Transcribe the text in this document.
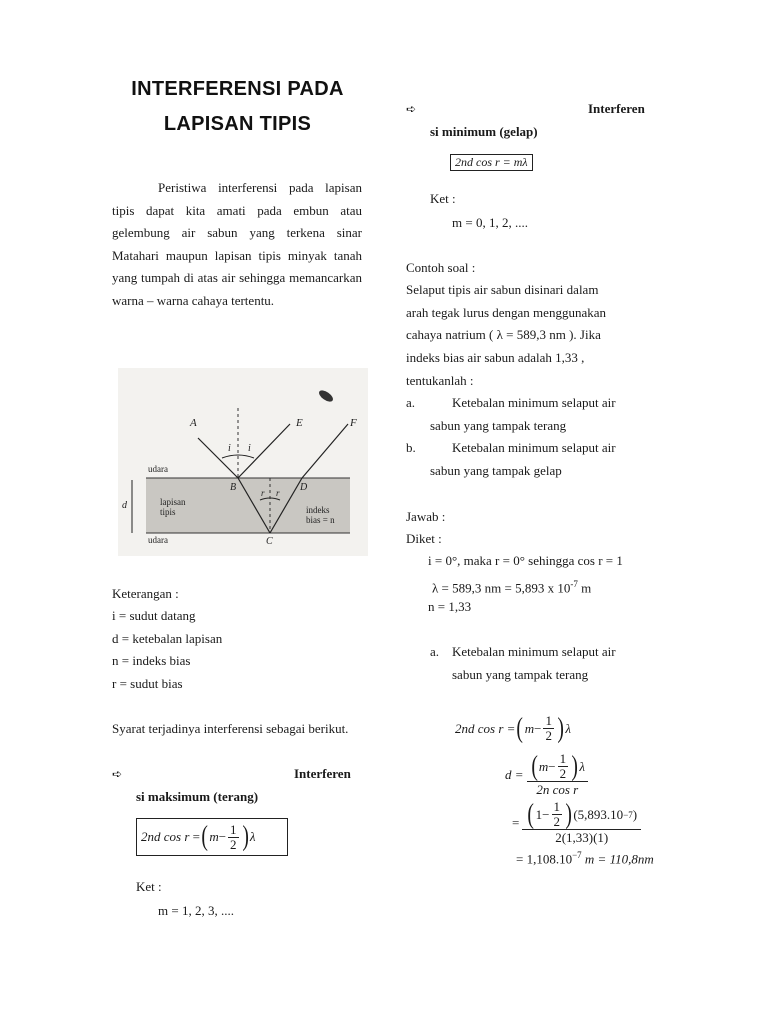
INTERFERENSI PADA
LAPISAN TIPIS
Peristiwa interferensi pada lapisan tipis dapat kita amati pada embun atau gelembung air sabun yang terkena sinar Matahari maupun lapisan tipis minyak tanah yang tumpah di atas air sehingga memancarkan warna – warna cahaya tertentu.
A	E	F
i i
udara
B	D
r r
d	lapisan
tipis	indeks
bias = n
udara	C
Keterangan :
i = sudut datang
d = ketebalan lapisan
n = indeks bias
r = sudut bias
Syarat terjadinya interferensi sebagai berikut.
➪	Interferen
si maksimum (terang)
2nd cos r
= ( $m - \frac{1}{2}$ ) λ
Ket :
m = 1, 2, 3, ....
➪	Interferen
si minimum (gelap)
2nd cos r = mλ
Ket :
m = 0, 1, 2, ....
Contoh soal :
Selaput tipis air sabun disinari dalam
arah tegak lurus dengan menggunakan
cahaya natrium ( λ = 589,3 nm ). Jika
indeks bias air sabun adalah 1,33 ,
tentukanlah :
a.	Ketebalan minimum selaput air
sabun yang tampak terang
b.	Ketebalan minimum selaput air
sabun yang tampak gelap
Jawab :
Diket :
i = 0°, maka r = 0° sehingga cos r = 1
λ = 589,3 nm = 5,893 x $10^{-7}$ m
n = 1,33
a. Ketebalan minimum selaput air
sabun yang tampak terang
2nd cos r = ( $m - \frac{1}{2}$ ) λ
$d = \frac{( m - \frac{1}{2} ) \lambda}{\text{2n cos r}}$
= $\frac{( 1- \frac{1}{2} ) (5,893.10 -7 )}{2(1,33)(1)}$
= $1,108.10^{-7}$ m = 110,8nm
